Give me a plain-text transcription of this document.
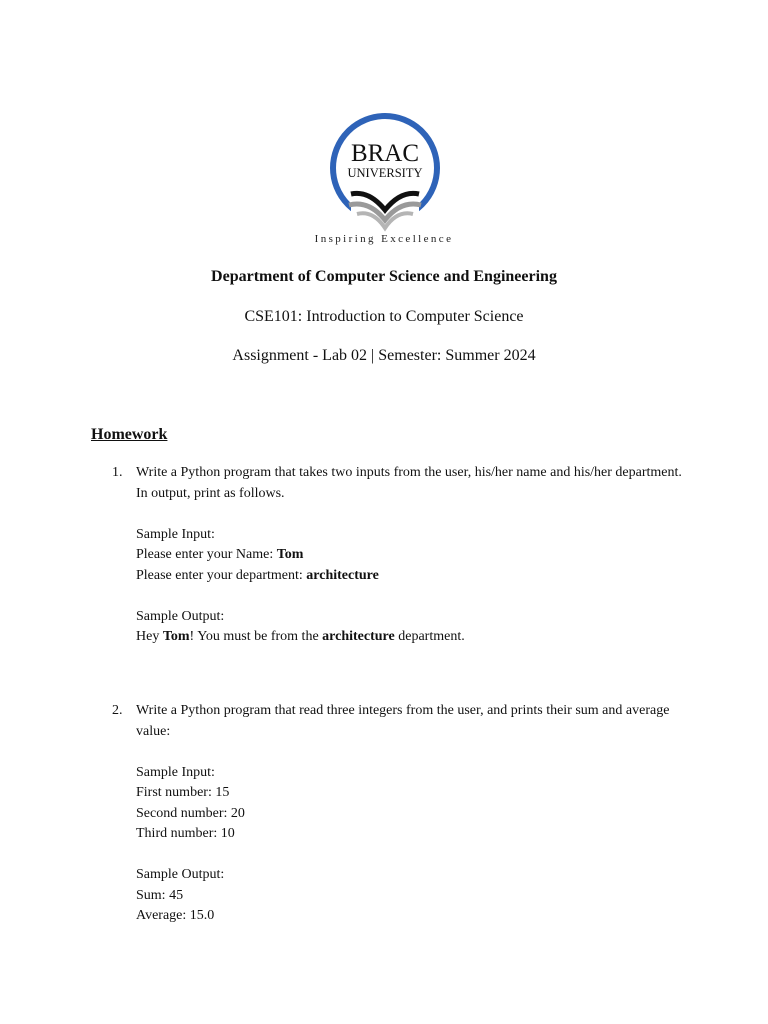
BRAC
UNIVERSITY
Inspiring Excellence
Department of Computer Science and Engineering
CSE101: Introduction to Computer Science
Assignment - Lab 02 | Semester: Summer 2024
Homework
1. Write a Python program that takes two inputs from the user, his/her name and his/her department. In output, print as follows.

Sample Input:

Please enter your Name: Tom

Please enter your department: architecture

Sample Output:

Hey Tom! You must be from the architecture department.

2. Write a Python program that read three integers from the user, and prints their sum and average value:

Sample Input:

First number: 15

Second number: 20

Third number: 10

Sample Output:

Sum: 45

Average: 15.0
